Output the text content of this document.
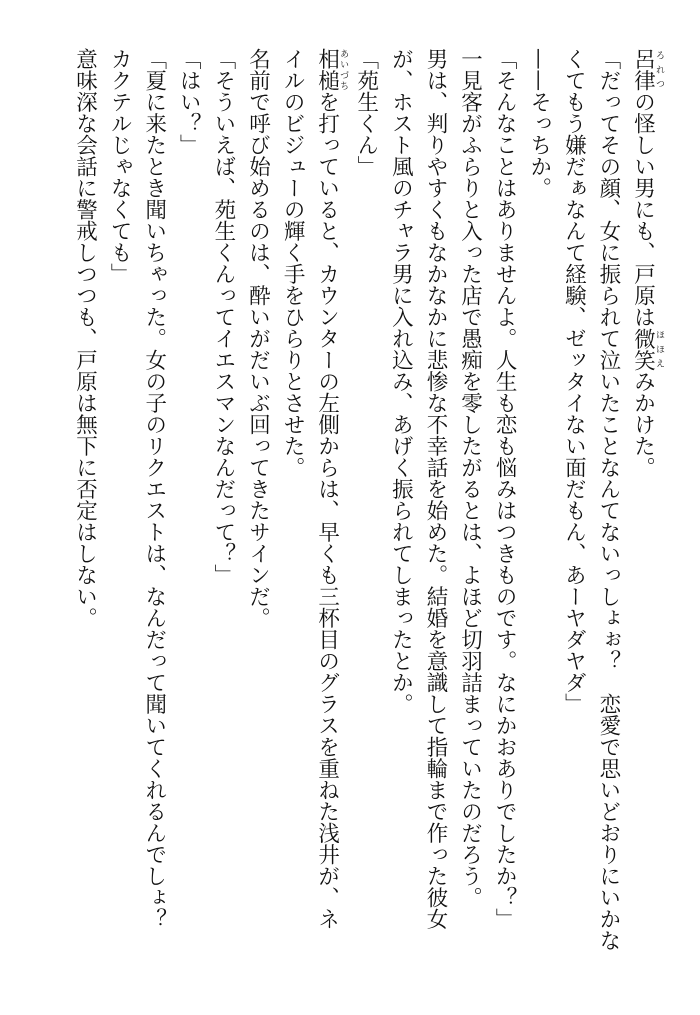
呂律ろれつの怪しい男にも、戸原は微笑ほほえみかけた。
「だってその顔、女に振られて泣いたことなんてないっしょぉ？　恋愛で思いどおりにいかな
くてもう嫌だぁなんて経験、ゼッタイない面だもん、あーヤダヤダ」
——そっちか。
「そんなことはありませんよ。人生も恋も悩みはつきものです。なにかおありでしたか？」
一見客がふらりと入った店で愚痴を零したがるとは、よほど切羽詰まっていたのだろう。
男は、判りやすくもなかなかに悲惨な不幸話を始めた。結婚を意識して指輪まで作った彼女
が、ホスト風のチャラ男に入れ込み、あげく振られてしまったとか。
「苑生くん」
相槌あいづちを打っていると、カウンターの左側からは、早くも三杯目のグラスを重ねた浅井が、ネ
イルのビジューの輝く手をひらりとさせた。
名前で呼び始めるのは、酔いがだいぶ回ってきたサインだ。
「そういえば、苑生くんってイエスマンなんだって？」
「はい？」
「夏に来たとき聞いちゃった。女の子のリクエストは、なんだって聞いてくれるんでしょ？
カクテルじゃなくても」
意味深な会話に警戒しつつも、戸原は無下に否定はしない。
